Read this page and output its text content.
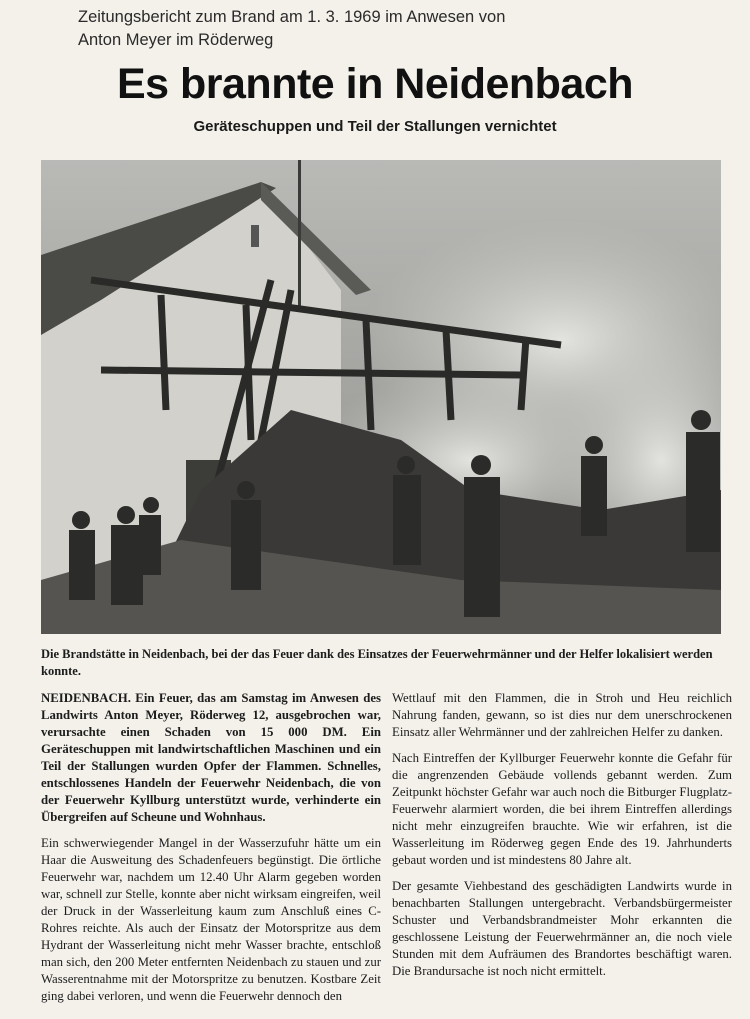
Zeitungsbericht zum Brand am 1. 3. 1969 im Anwesen von
Anton Meyer im Röderweg
Es brannte in Neidenbach
Geräteschuppen und Teil der Stallungen vernichtet
Die Brandstätte in Neidenbach, bei der das Feuer dank des Einsatzes der Feuerwehrmänner und der Helfer lokalisiert werden konnte.

NEIDENBACH. Ein Feuer, das am Samstag im Anwesen des Landwirts Anton Meyer, Röderweg 12, ausgebrochen war, verursachte einen Schaden von 15 000 DM. Ein Geräteschuppen mit landwirtschaftlichen Maschinen und ein Teil der Stallungen wurden Opfer der Flammen. Schnelles, entschlossenes Handeln der Feuerwehr Neidenbach, die von der Feuerwehr Kyllburg unterstützt wurde, verhinderte ein Übergreifen auf Scheune und Wohnhaus.

Ein schwerwiegender Mangel in der Wasserzufuhr hätte um ein Haar die Ausweitung des Schadenfeuers begünstigt. Die örtliche Feuerwehr war, nachdem um 12.40 Uhr Alarm gegeben worden war, schnell zur Stelle, konnte aber nicht wirksam eingreifen, weil der Druck in der Wasserleitung kaum zum Anschluß eines C-Rohres reichte. Als auch der Einsatz der Motorspritze aus dem Hydrant der Wasserleitung nicht mehr Wasser brachte, entschloß man sich, den 200 Meter entfernten Neidenbach zu stauen und zur Wasserentnahme mit der Motorspritze zu benutzen. Kostbare Zeit ging dabei verloren, und wenn die Feuerwehr dennoch den

Wettlauf mit den Flammen, die in Stroh und Heu reichlich Nahrung fanden, gewann, so ist dies nur dem unerschrockenen Einsatz aller Wehrmänner und der zahlreichen Helfer zu danken.

Nach Eintreffen der Kyllburger Feuerwehr konnte die Gefahr für die angrenzenden Gebäude vollends gebannt werden. Zum Zeitpunkt höchster Gefahr war auch noch die Bitburger Flugplatz-Feuerwehr alarmiert worden, die bei ihrem Eintreffen allerdings nicht mehr einzugreifen brauchte. Wie wir erfahren, ist die Wasserleitung im Röderweg gegen Ende des 19. Jahrhunderts gebaut worden und ist mindestens 80 Jahre alt.

Der gesamte Viehbestand des geschädigten Landwirts wurde in benachbarten Stallungen untergebracht. Verbandsbürgermeister Schuster und Verbandsbrandmeister Mohr erkannten die geschlossene Leistung der Feuerwehrmänner an, die noch viele Stunden mit dem Aufräumen des Brandortes beschäftigt waren. Die Brandursache ist noch nicht ermittelt.
